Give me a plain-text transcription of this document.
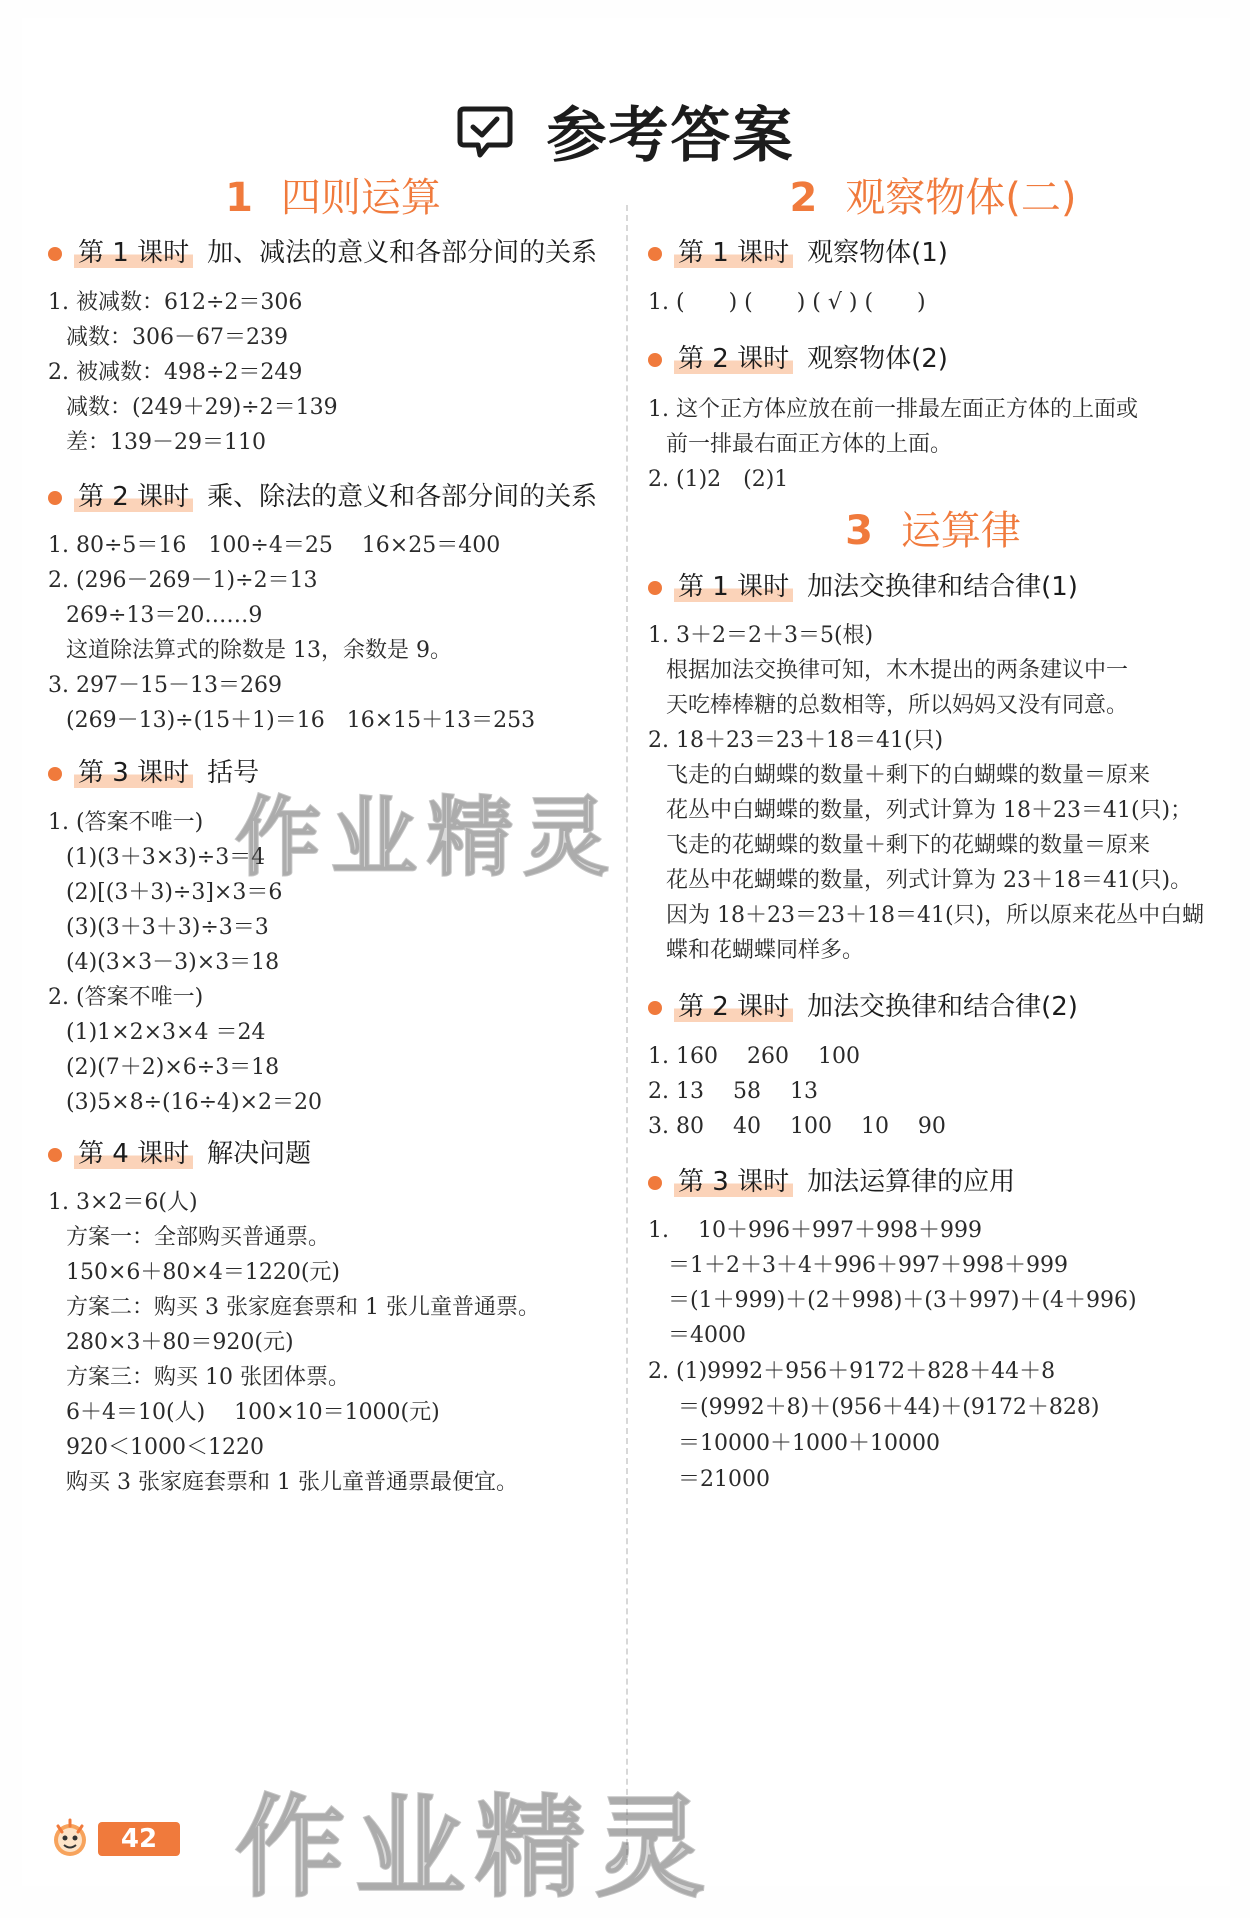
参考答案
1 四则运算
第 1 课时 加、减法的意义和各部分间的关系
1. 被减数：612÷2＝306
减数：306－67＝239
2. 被减数：498÷2＝249
减数：(249＋29)÷2＝139
差：139－29＝110
第 2 课时 乘、除法的意义和各部分间的关系
1. 80÷5＝16　100÷4＝25　 16×25＝400
2. (296－269－1)÷2＝13
269÷13＝20……9
这道除法算式的除数是 13，余数是 9。
3. 297－15－13＝269
(269－13)÷(15＋1)＝16　16×15＋13＝253
第 3 课时 括号
1. (答案不唯一)
(1)(3＋3×3)÷3＝4
(2)[(3＋3)÷3]×3＝6
(3)(3＋3＋3)÷3＝3
(4)(3×3－3)×3＝18
2. (答案不唯一)
(1)1×2×3×4 ＝24
(2)(7＋2)×6÷3＝18
(3)5×8÷(16÷4)×2＝20
第 4 课时 解决问题
1. 3×2＝6(人)
方案一：全部购买普通票。
150×6＋80×4＝1220(元)
方案二：购买 3 张家庭套票和 1 张儿童普通票。
280×3＋80＝920(元)
方案三：购买 10 张团体票。
6＋4＝10(人)　 100×10＝1000(元)
920＜1000＜1220
购买 3 张家庭套票和 1 张儿童普通票最便宜。
2 观察物体(二)
第 1 课时 观察物体(1)
1. (　　) (　　) ( √ ) (　　)
第 2 课时 观察物体(2)
1. 这个正方体应放在前一排最左面正方体的上面或
前一排最右面正方体的上面。
2. (1)2　(2)1
3 运算律
第 1 课时 加法交换律和结合律(1)
1. 3＋2＝2＋3＝5(根)
根据加法交换律可知，木木提出的两条建议中一
天吃棒棒糖的总数相等，所以妈妈又没有同意。
2. 18＋23＝23＋18＝41(只)
飞走的白蝴蝶的数量＋剩下的白蝴蝶的数量＝原来
花丛中白蝴蝶的数量，列式计算为 18＋23＝41(只)；
飞走的花蝴蝶的数量＋剩下的花蝴蝶的数量＝原来
花丛中花蝴蝶的数量，列式计算为 23＋18＝41(只)。
因为 18＋23＝23＋18＝41(只)，所以原来花丛中白蝴
蝶和花蝴蝶同样多。
第 2 课时 加法交换律和结合律(2)
1. 160　 260　 100
2. 13　 58　 13
3. 80　 40　 100　 10　 90
第 3 课时 加法运算律的应用
1.　 10＋996＋997＋998＋999
＝1＋2＋3＋4＋996＋997＋998＋999
＝(1＋999)＋(2＋998)＋(3＋997)＋(4＋996)
＝4000
2. (1)9992＋956＋9172＋828＋44＋8
＝(9992＋8)＋(956＋44)＋(9172＋828)
＝10000＋1000＋10000
＝21000
作业精灵
作业精灵
42
